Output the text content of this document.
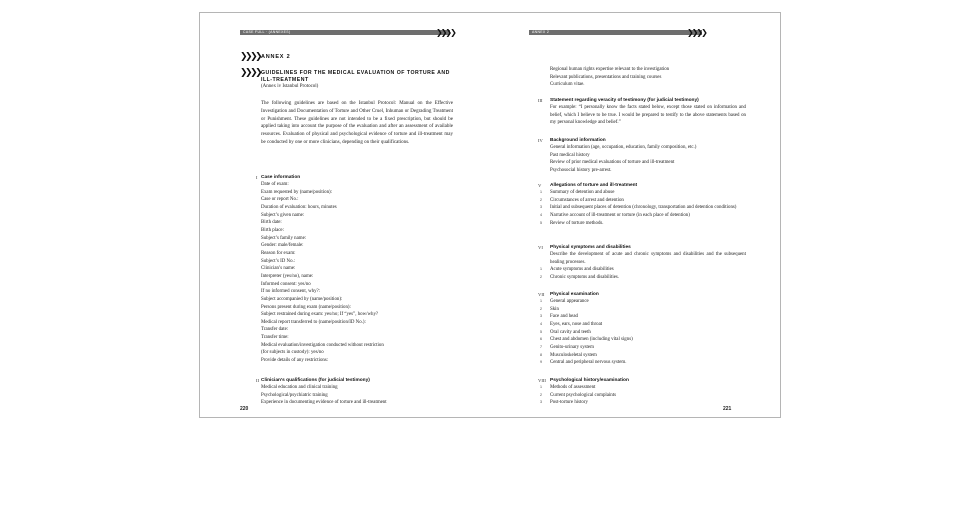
CASE FULL · (ANNEXES)	❯❯❯❯
❯❯❯❯ ANNEX 2
❯❯❯❯ GUIDELINES FOR THE MEDICAL EVALUATION OF TORTURE AND ILL-TREATMENT
(Annex iv Istanbul Protocol)

The following guidelines are based on the Istanbul Protocol: Manual on the Effective Investigation and Documentation of Torture and Other Cruel, Inhuman or Degrading Treatment or Punishment. These guidelines are not intended to be a fixed prescription, but should be applied taking into account the purpose of the evaluation and after an assessment of available resources. Evaluation of physical and psychological evidence of torture and ill-treatment may be conducted by one or more clinicians, depending on their qualifications.

I Case information
Date of exam:
Exam requested by (name/position):
Case or report No.:
Duration of evaluation: hours, minutes
Subject’s given name:
Birth date:
Birth place:
Subject’s family name:
Gender: male/female:
Reason for exam:
Subject’s ID No.:
Clinician’s name:
Interpreter (yes/no), name:
Informed consent: yes/no
If no informed consent, why?:
Subject accompanied by (name/position):
Persons present during exam (name/position):
Subject restrained during exam: yes/no; If “yes”, how/why?
Medical report transferred to (name/position/ID No.):
Transfer date:
Transfer time:
Medical evaluation/investigation conducted without restriction
(for subjects in custody): yes/no
Provide details of any restrictions:
II Clinician’s qualifications (for judicial testimony)
Medical education and clinical training
Psychological/psychiatric training
Experience in documenting evidence of torture and ill-treatment
220
ANNEX 2	❯❯❯❯
Regional human rights expertise relevant to the investigation
Relevant publications, presentations and training courses
Curriculum vitae.
III Statement regarding veracity of testimony (for judicial testimony)

For example: “I personally know the facts stated below, except those stated on information and belief, which I believe to be true. I would be prepared to testify to the above statements based on my personal knowledge and belief.”

IV Background information
General information (age, occupation, education, family composition, etc.)
Past medical history
Review of prior medical evaluations of torture and ill-treatment
Psychosocial history pre-arrest.
V Allegations of torture and ill-treatment
1 Summary of detention and abuse
2 Circumstances of arrest and detention
3 Initial and subsequent places of detention (chronology, transportation and detention conditions)
4 Narrative account of ill-treatment or torture (in each place of detention)
5 Review of torture methods.
VI Physical symptoms and disabilities

Describe the development of acute and chronic symptoms and disabilities and the subsequent healing processes.

1 Acute symptoms and disabilities
2 Chronic symptoms and disabilities.
VII Physical examination
1 General appearance
2 Skin
3 Face and head
4 Eyes, ears, nose and throat
5 Oral cavity and teeth
6 Chest and abdomen (including vital signs)
7 Genito-urinary system
8 Musculoskeletal system
9 Central and peripheral nervous system.
VIII Psychological history/examination
1 Methods of assessment
2 Current psychological complaints
3 Post-torture history
221
